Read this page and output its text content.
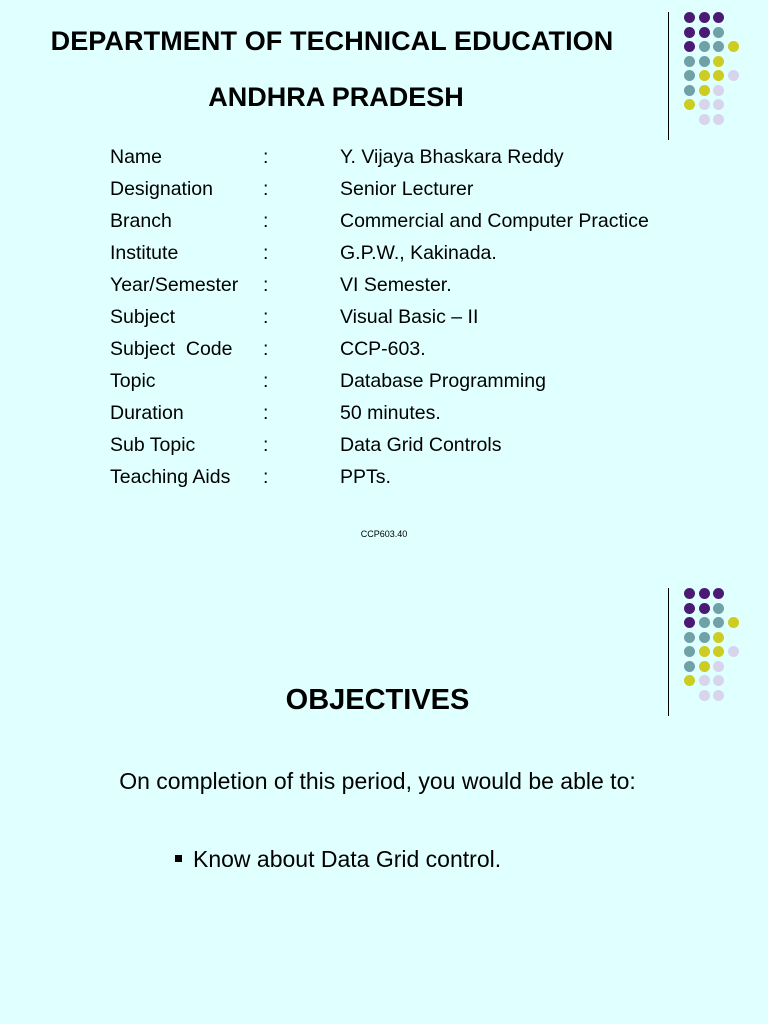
DEPARTMENT OF TECHNICAL EDUCATION
ANDHRA PRADESH
Name	:	Y. Vijaya Bhaskara Reddy
Designation	:	Senior Lecturer
Branch	:	Commercial and Computer Practice
Institute	:	G.P.W., Kakinada.
Year/Semester :	VI Semester.
Subject	:	Visual Basic – II
Subject  Code :	CCP-603.
Topic	:	Database Programming
Duration	:	50 minutes.
Sub Topic	:	Data Grid Controls
Teaching Aids :	PPTs.
CCP603.40
OBJECTIVES
On completion of this period, you would be able to:
Know about Data Grid control.
